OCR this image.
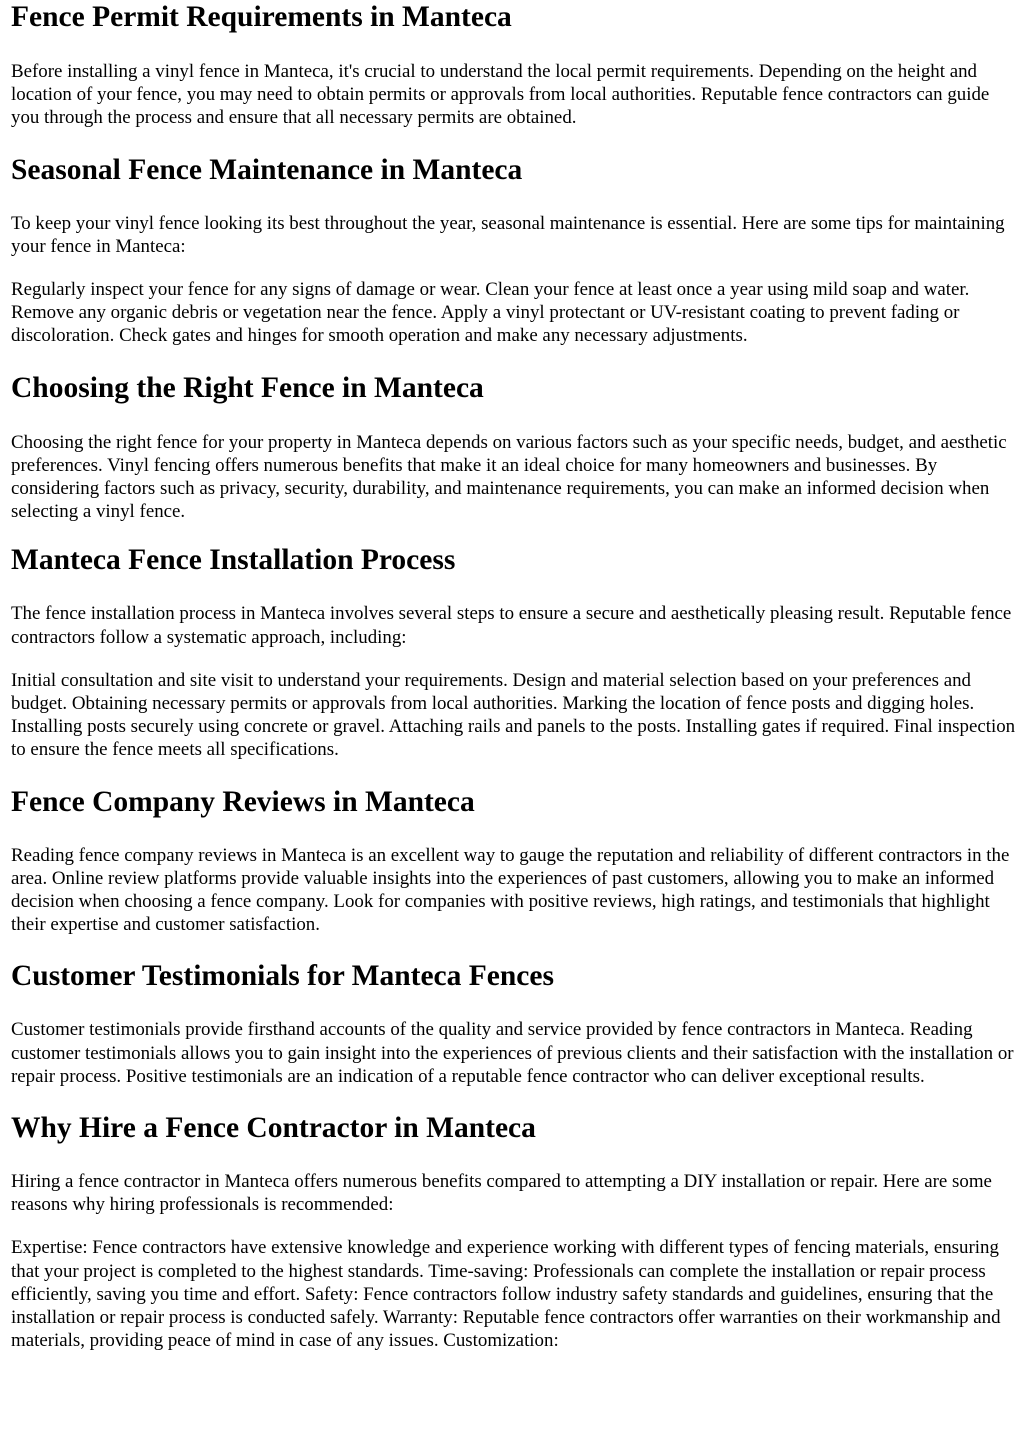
Fence Permit Requirements in Manteca

Before installing a vinyl fence in Manteca, it's crucial to understand the local permit requirements. Depending on the height and location of your fence, you may need to obtain permits or approvals from local authorities. Reputable fence contractors can guide you through the process and ensure that all necessary permits are obtained.

Seasonal Fence Maintenance in Manteca

To keep your vinyl fence looking its best throughout the year, seasonal maintenance is essential. Here are some tips for maintaining your fence in Manteca:

Regularly inspect your fence for any signs of damage or wear. Clean your fence at least once a year using mild soap and water. Remove any organic debris or vegetation near the fence. Apply a vinyl protectant or UV-resistant coating to prevent fading or discoloration. Check gates and hinges for smooth operation and make any necessary adjustments.

Choosing the Right Fence in Manteca

Choosing the right fence for your property in Manteca depends on various factors such as your specific needs, budget, and aesthetic preferences. Vinyl fencing offers numerous benefits that make it an ideal choice for many homeowners and businesses. By considering factors such as privacy, security, durability, and maintenance requirements, you can make an informed decision when selecting a vinyl fence.

Manteca Fence Installation Process

The fence installation process in Manteca involves several steps to ensure a secure and aesthetically pleasing result. Reputable fence contractors follow a systematic approach, including:

Initial consultation and site visit to understand your requirements. Design and material selection based on your preferences and budget. Obtaining necessary permits or approvals from local authorities. Marking the location of fence posts and digging holes. Installing posts securely using concrete or gravel. Attaching rails and panels to the posts. Installing gates if required. Final inspection to ensure the fence meets all specifications.

Fence Company Reviews in Manteca

Reading fence company reviews in Manteca is an excellent way to gauge the reputation and reliability of different contractors in the area. Online review platforms provide valuable insights into the experiences of past customers, allowing you to make an informed decision when choosing a fence company. Look for companies with positive reviews, high ratings, and testimonials that highlight their expertise and customer satisfaction.

Customer Testimonials for Manteca Fences

Customer testimonials provide firsthand accounts of the quality and service provided by fence contractors in Manteca. Reading customer testimonials allows you to gain insight into the experiences of previous clients and their satisfaction with the installation or repair process. Positive testimonials are an indication of a reputable fence contractor who can deliver exceptional results.

Why Hire a Fence Contractor in Manteca

Hiring a fence contractor in Manteca offers numerous benefits compared to attempting a DIY installation or repair. Here are some reasons why hiring professionals is recommended:

Expertise: Fence contractors have extensive knowledge and experience working with different types of fencing materials, ensuring that your project is completed to the highest standards. Time-saving: Professionals can complete the installation or repair process efficiently, saving you time and effort. Safety: Fence contractors follow industry safety standards and guidelines, ensuring that the installation or repair process is conducted safely. Warranty: Reputable fence contractors offer warranties on their workmanship and materials, providing peace of mind in case of any issues. Customization:
